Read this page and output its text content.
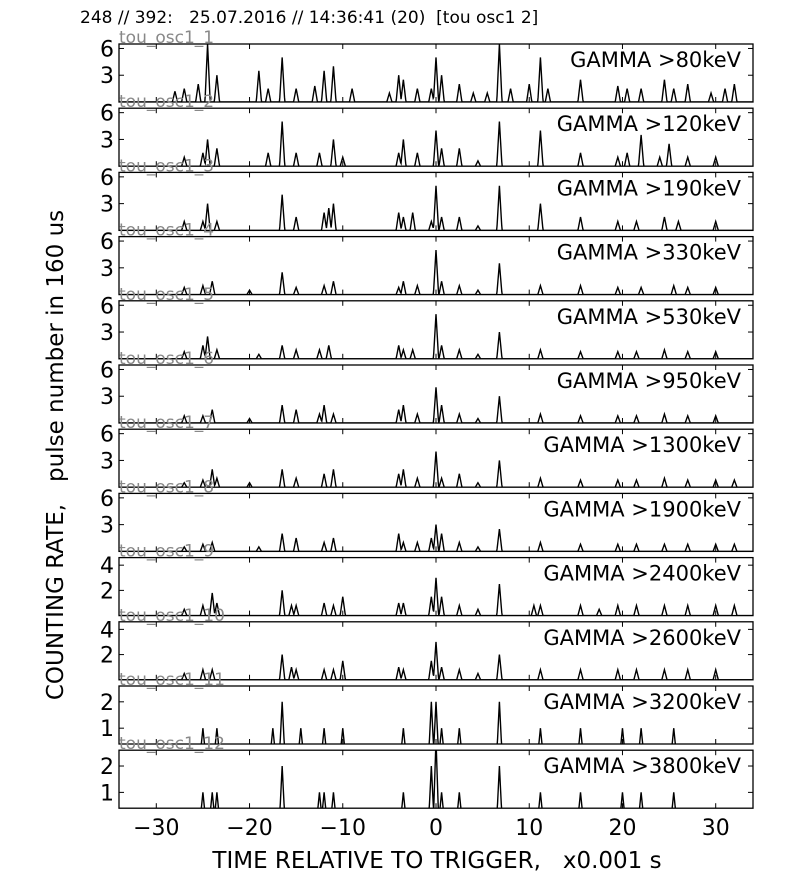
248 // 392:   25.07.2016 // 14:36:41 (20)  [tou osc1 2]
3
6	GAMMA >80keV
tou_osc1_1
3
6	GAMMA >120keV
tou_osc1_2
3
6	GAMMA >190keV
tou_osc1_3
3
6	GAMMA >330keV
tou_osc1_4
3
6	GAMMA >530keV
tou_osc1_5
3
6	GAMMA >950keV
tou_osc1_6
3
6	GAMMA >1300keV
tou_osc1_7
3
6	GAMMA >1900keV
tou_osc1_8
2
4	GAMMA >2400keV
tou_osc1_9
2
4	GAMMA >2600keV
tou_osc1_10
1
2	GAMMA >3200keV
tou_osc1_11
1
2	GAMMA >3800keV
tou_osc1_12
−30 −20 −10	0	10	20	30
COUNTING RATE,   pulse number in 160 us
TIME RELATIVE TO TRIGGER,   x0.001 s
